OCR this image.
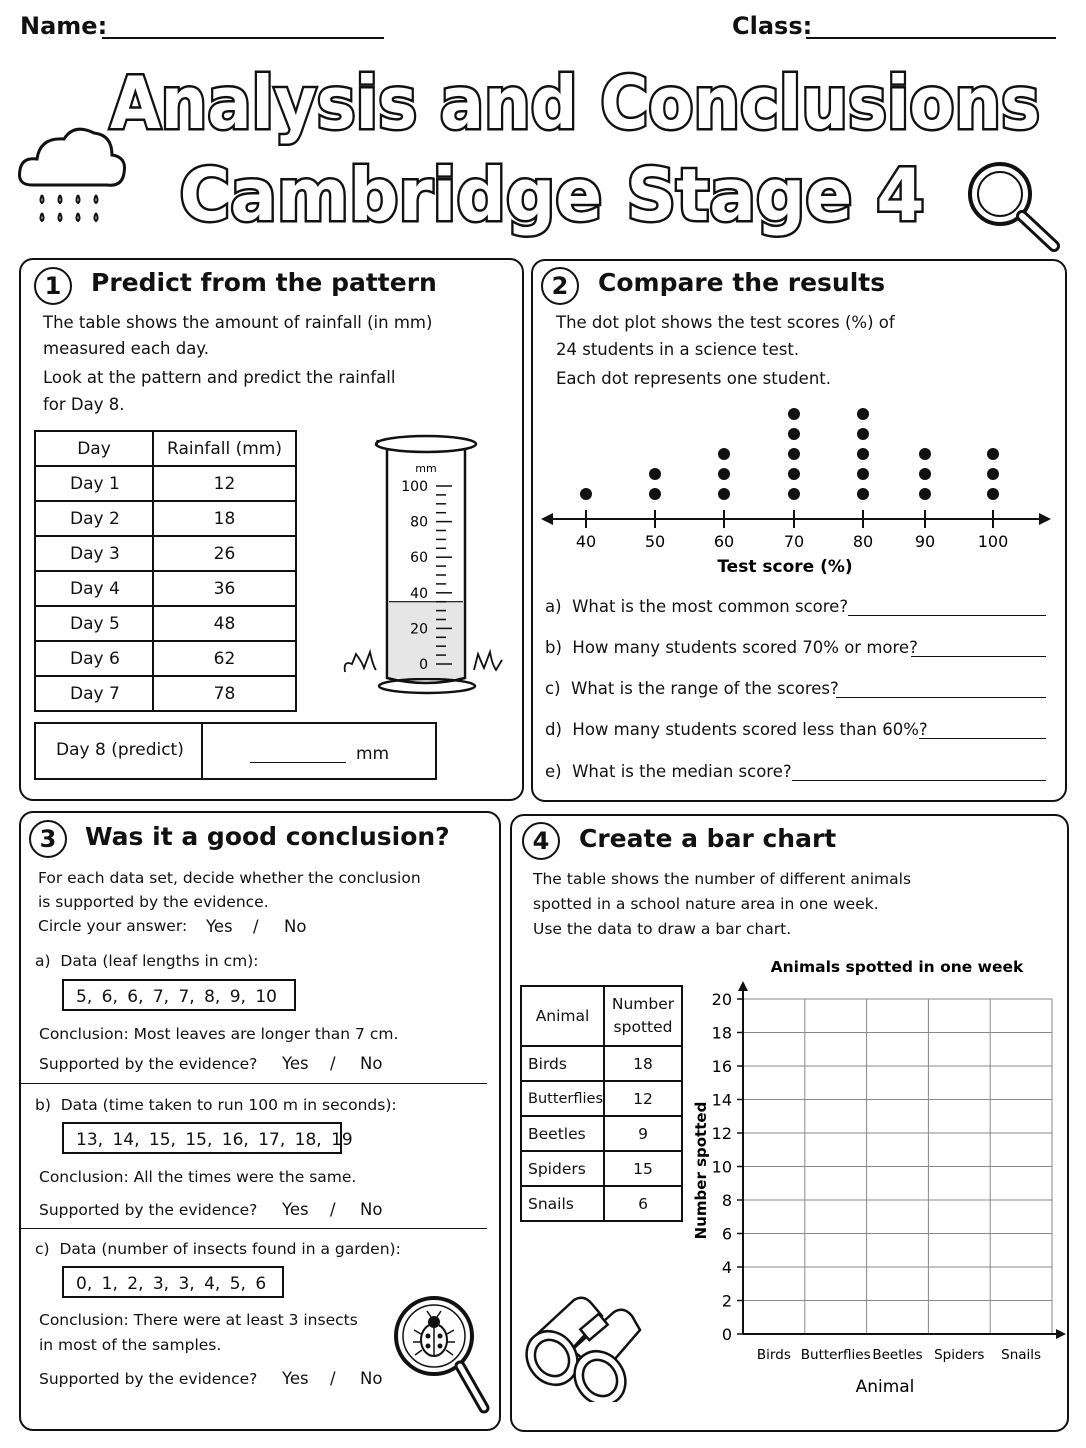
Name:	Class:
Analysis and Conclusions
Cambridge Stage 4
1	Predict from the pattern
The table shows the amount of rainfall (in mm)
measured each day.
Look at the pattern and predict the rainfall
for Day 8.
Day	Rainfall (mm)
Day 1	12
Day 2	18
Day 3	26
Day 4	36
Day 5	48
Day 6	62
Day 7	78
Day 8 (predict)	mm
100
80
60
40
20
0
mm
2	Compare the results
The dot plot shows the test scores (%) of
24 students in a science test.
Each dot represents one student.
40	50	60	70	80	90	100
Test score (%)
a) What is the most common score?
b) How many students scored 70% or more?
c) What is the range of the scores?
d) How many students scored less than 60%?
e) What is the median score?
3	Was it a good conclusion?
For each data set, decide whether the conclusion
is supported by the evidence.
Circle your answer: Yes / No
a) Data (leaf lengths in cm):
5, 6, 6, 7, 7, 8, 9, 10
Conclusion: Most leaves are longer than 7 cm.
Supported by the evidence? Yes / No
b) Data (time taken to run 100 m in seconds):
13, 14, 15, 15, 16, 17, 18, 19
Conclusion: All the times were the same.
Supported by the evidence? Yes / No
c) Data (number of insects found in a garden):
0, 1, 2, 3, 3, 4, 5, 6
Conclusion: There were at least 3 insects
in most of the samples.
Supported by the evidence? Yes / No
4	Create a bar chart
The table shows the number of different animals
spotted in a school nature area in one week.
Use the data to draw a bar chart.
Animal	Number
spotted
Birds	18
Butterflies	12
Beetles	9
Spiders	15
Snails	6
Animals spotted in one week
0
2
4
6
8
10
12
14
16
18
20
Birds Butterflies Beetles Spiders Snails
Number spotted
Animal
